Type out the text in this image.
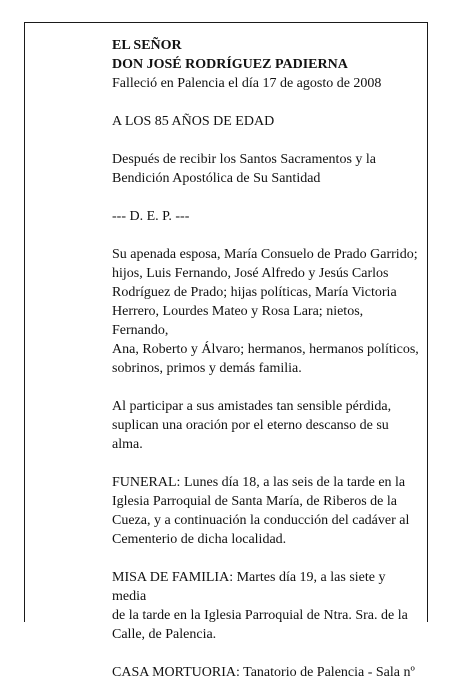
EL SEÑOR

DON JOSÉ RODRÍGUEZ PADIERNA

Falleció en Palencia el día 17 de agosto de 2008

A LOS 85 AÑOS DE EDAD

Después de recibir los Santos Sacramentos y la

Bendición Apostólica de Su Santidad

--- D. E. P. ---

Su apenada esposa, María Consuelo de Prado Garrido;

hijos, Luis Fernando, José Alfredo y Jesús Carlos

Rodríguez de Prado; hijas políticas, María Victoria

Herrero, Lourdes Mateo y Rosa Lara; nietos, Fernando,

Ana, Roberto y Álvaro; hermanos, hermanos políticos,

sobrinos, primos y demás familia.

Al participar a sus amistades tan sensible pérdida,

suplican una oración por el eterno descanso de su alma.

FUNERAL: Lunes día 18, a las seis de la tarde en la

Iglesia Parroquial de Santa María, de Riberos de la

Cueza, y a continuación la conducción del cadáver al

Cementerio de dicha localidad.

MISA DE FAMILIA: Martes día 19, a las siete y media

de la tarde en la Iglesia Parroquial de Ntra. Sra. de la

Calle, de Palencia.

CASA MORTUORIA: Tanatorio de Palencia - Sala nº
